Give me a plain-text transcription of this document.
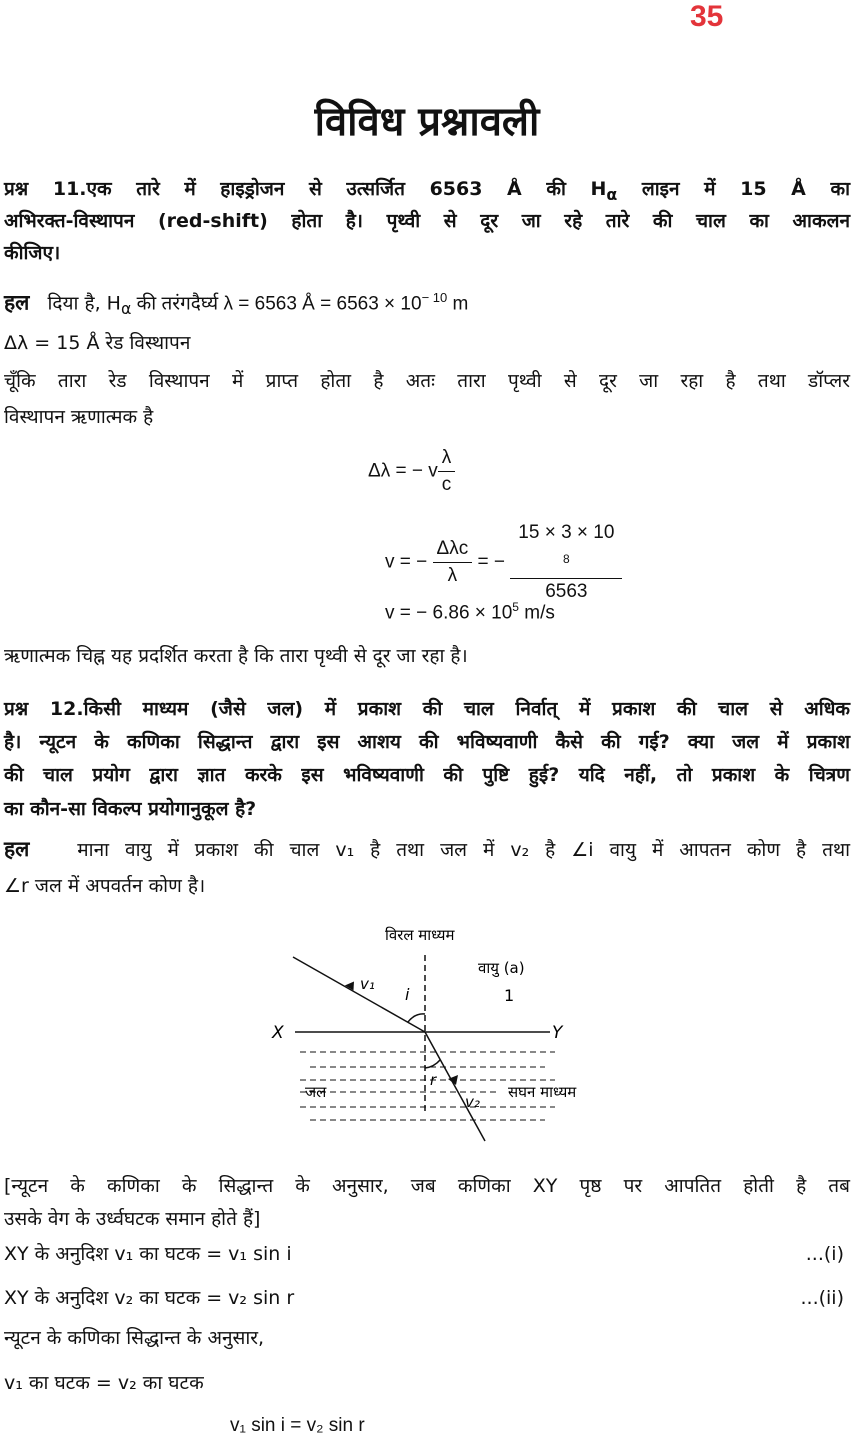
35
विविध प्रश्नावली
प्रश्न 11.एक तारे में हाइड्रोजन से उत्सर्जित 6563 Å की $H_\alpha$ लाइन में 15 Å का
अभिरक्त-विस्थापन (red-shift) होता है। पृथ्वी से दूर जा रहे तारे की चाल का आकलन
कीजिए।
हल दिया है, $H_\alpha$ की तरंगदैर्घ्य λ = 6563 Å = $6563 \times 10^{- 10}$ m
Δλ = 15 Å रेड विस्थापन
चूँकि तारा रेड विस्थापन में प्राप्त होता है अतः तारा पृथ्वी से दूर जा रहा है तथा डॉप्लर
विस्थापन ऋणात्मक है
Δλ = − v $\frac{\lambda}{c}$
v = − $\frac{\text{Δλc}}{\lambda}$ = − 15 × 3 × 10
$^8$
6563
v = − $6.86 \times 10^5$ m/s
ऋणात्मक चिह्न यह प्रदर्शित करता है कि तारा पृथ्वी से दूर जा रहा है।
प्रश्न 12.किसी माध्यम (जैसे जल) में प्रकाश की चाल निर्वात् में प्रकाश की चाल से अधिक
है। न्यूटन के कणिका सिद्धान्त द्वारा इस आशय की भविष्यवाणी कैसे की गई? क्या जल में प्रकाश
की चाल प्रयोग द्वारा ज्ञात करके इस भविष्यवाणी की पुष्टि हुई? यदि नहीं, तो प्रकाश के चित्रण
का कौन-सा विकल्प प्रयोगानुकूल है?
हल	माना वायु में प्रकाश की चाल v₁ है तथा जल में v₂ है ∠i वायु में आपतन कोण है तथा
∠r जल में अपवर्तन कोण है।
विरल माध्यम
वायु (a)
1
v₁
i
X	Y
r
जल
v₂
सघन माध्यम
[न्यूटन के कणिका के सिद्धान्त के अनुसार, जब कणिका XY पृष्ठ पर आपतित होती है तब
उसके वेग के उर्ध्वघटक समान होते हैं]
XY के अनुदिश v₁ का घटक = v₁ sin i	...(i)
XY के अनुदिश v₂ का घटक = v₂ sin r	...(ii)
न्यूटन के कणिका सिद्धान्त के अनुसार,
v₁ का घटक = v₂ का घटक
v₁ sin i = v₂ sin r
